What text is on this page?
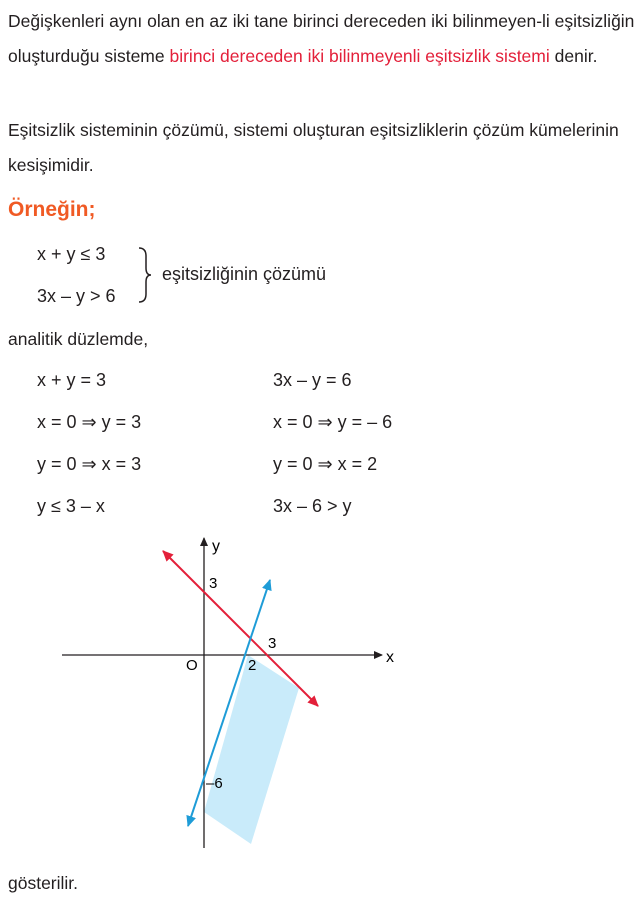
Değişkenleri aynı olan en az iki tane birinci dereceden iki bilinmeyen-li eşitsizliğin oluşturduğu sisteme birinci dereceden iki bilinmeyenli eşitsizlik sistemi denir.
Eşitsizlik sisteminin çözümü, sistemi oluşturan eşitsizliklerin çözüm kümelerinin kesişimidir.
Örneğin;
x + y ≤ 3
3x – y > 6
eşitsizliğinin çözümü
analitik düzlemde,
x + y = 3
x = 0 ⇒ y = 3
y = 0 ⇒ x = 3
y ≤ 3 – x
3x – y = 6
x = 0 ⇒ y = – 6
y = 0 ⇒ x = 2
3x – 6 > y
x
y
O
3
3
2
–6
gösterilir.
